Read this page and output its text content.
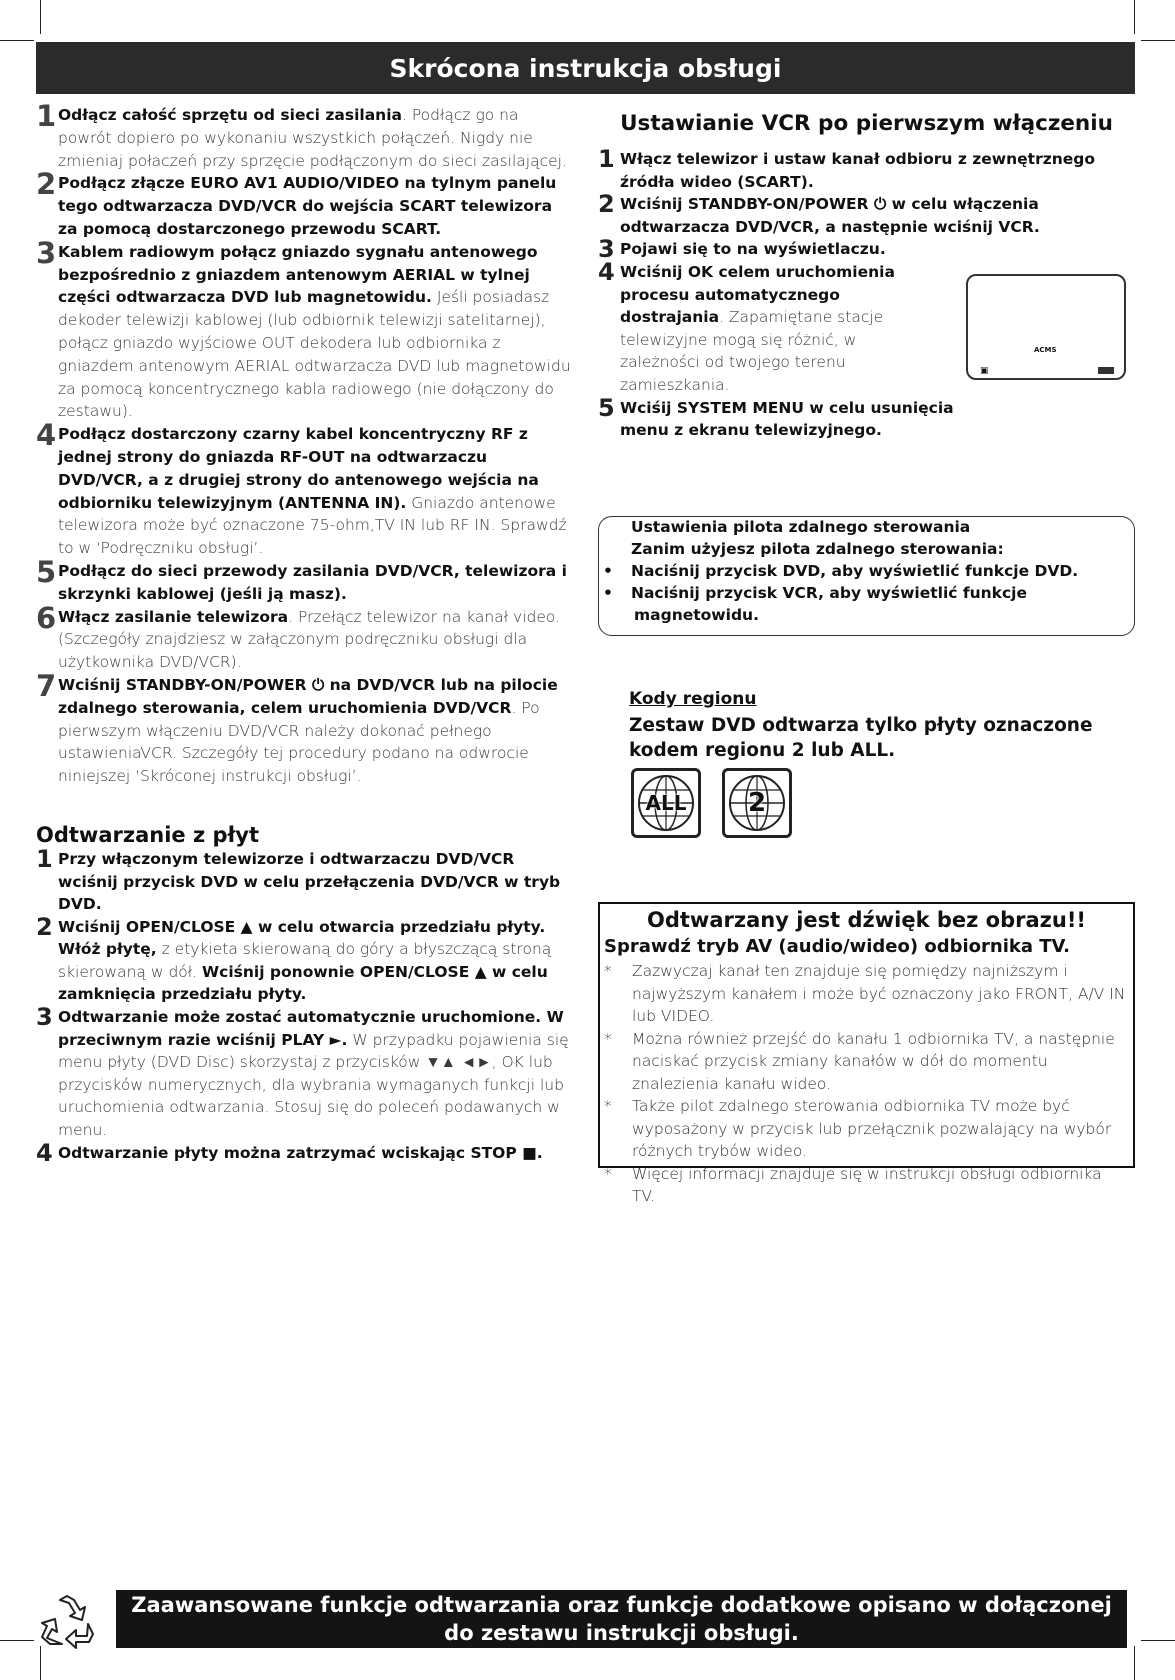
Skrócona instrukcja obsługi
1 Odłącz całość sprzętu od sieci zasilania. Podłącz go na powrót dopiero po wykonaniu wszystkich połączeń. Nigdy nie zmieniaj połaczeń przy sprzęcie podłączonym do sieci zasilającej.
2 Podłącz złącze EURO AV1 AUDIO/VIDEO na tylnym panelu tego odtwarzacza DVD/VCR do wejścia SCART telewizora za pomocą dostarczonego przewodu SCART.
3 Kablem radiowym połącz gniazdo sygnału antenowego bezpośrednio z gniazdem antenowym AERIAL w tylnej części odtwarzacza DVD lub magnetowidu. Jeśli posiadasz dekoder telewizji kablowej (lub odbiornik telewizji satelitarnej), połącz gniazdo wyjściowe OUT dekodera lub odbiornika z gniazdem antenowym AERIAL odtwarzacza DVD lub magnetowidu za pomocą koncentrycznego kabla radiowego (nie dołączony do zestawu).
4 Podłącz dostarczony czarny kabel koncentryczny RF z jednej strony do gniazda RF-OUT na odtwarzaczu DVD/VCR, a z drugiej strony do antenowego wejścia na odbiorniku telewizyjnym (ANTENNA IN). Gniazdo antenowe telewizora może być oznaczone 75-ohm,TV IN lub RF IN. Sprawdź to w ‘Podręczniku obsługi’.
5 Podłącz do sieci przewody zasilania DVD/VCR, telewizora i skrzynki kablowej (jeśli ją masz).
6 Włącz zasilanie telewizora. Przełącz telewizor na kanał video. (Szczegóły znajdziesz w załączonym podręczniku obsługi dla użytkownika DVD/VCR).
7 Wciśnij STANDBY-ON/POWER ⏻ na DVD/VCR lub na pilocie zdalnego sterowania, celem uruchomienia DVD/VCR. Po pierwszym włączeniu DVD/VCR należy dokonać pełnego ustawieniaVCR. Szczegóły tej procedury podano na odwrocie niniejszej ‘Skróconej instrukcji obsługi’.
Odtwarzanie z płyt
1 Przy włączonym telewizorze i odtwarzaczu DVD/VCR wciśnij przycisk DVD w celu przełączenia DVD/VCR w tryb DVD.
2 Wciśnij OPEN/CLOSE ▲ w celu otwarcia przedziału płyty. Włóż płytę, z etykieta skierowaną do góry a błyszczącą stroną skierowaną w dół. Wciśnij ponownie OPEN/CLOSE ▲ w celu zamknięcia przedziału płyty.
3 Odtwarzanie może zostać automatycznie uruchomione. W przeciwnym razie wciśnij PLAY ►. W przypadku pojawienia się menu płyty (DVD Disc) skorzystaj z przycisków ▼▲ ◄►, OK lub przycisków numerycznych, dla wybrania wymaganych funkcji lub uruchomienia odtwarzania. Stosuj się do poleceń podawanych w menu.
4 Odtwarzanie płyty można zatrzymać wciskając STOP ■.
Ustawianie VCR po pierwszym włączeniu
1 Włącz telewizor i ustaw kanał odbioru z zewnętrznego źródła wideo (SCART).
2 Wciśnij STANDBY-ON/POWER ⏻ w celu włączenia odtwarzacza DVD/VCR, a następnie wciśnij VCR.
3 Pojawi się to na wyświetlaczu.
4 Wciśnij OK celem uruchomienia procesu automatycznego dostrajania. Zapamiętane stacje telewizyjne mogą się różnić, w zależności od twojego terenu zamieszkania.
5 Wciśij SYSTEM MENU w celu usunięcia menu z ekranu telewizyjnego.
ACMS
▣
Ustawienia pilota zdalnego sterowania
Zanim użyjesz pilota zdalnego sterowania:
• Naciśnij przycisk DVD, aby wyświetlić funkcje DVD.
• Naciśnij przycisk VCR, aby wyświetlić funkcje
magnetowidu.
Kody regionu
Zestaw DVD odtwarza tylko płyty oznaczone kodem regionu 2 lub ALL.
ALL	2
Odtwarzany jest dźwięk bez obrazu!!
Sprawdź tryb AV (audio/wideo) odbiornika TV.
* Zazwyczaj kanał ten znajduje się pomiędzy najniższym i najwyższym kanałem i może być oznaczony jako FRONT, A/V IN lub VIDEO.
* Można również przejść do kanału 1 odbiornika TV, a następnie naciskać przycisk zmiany kanałów w dół do momentu znalezienia kanału wideo.
* Także pilot zdalnego sterowania odbiornika TV może być wyposażony w przycisk lub przełącznik pozwalający na wybór różnych trybów wideo.
* Więcej informacji znajduje się w instrukcji obsługi odbiornika TV.
Zaawansowane funkcje odtwarzania oraz funkcje dodatkowe opisano w dołączonej do zestawu instrukcji obsługi.
